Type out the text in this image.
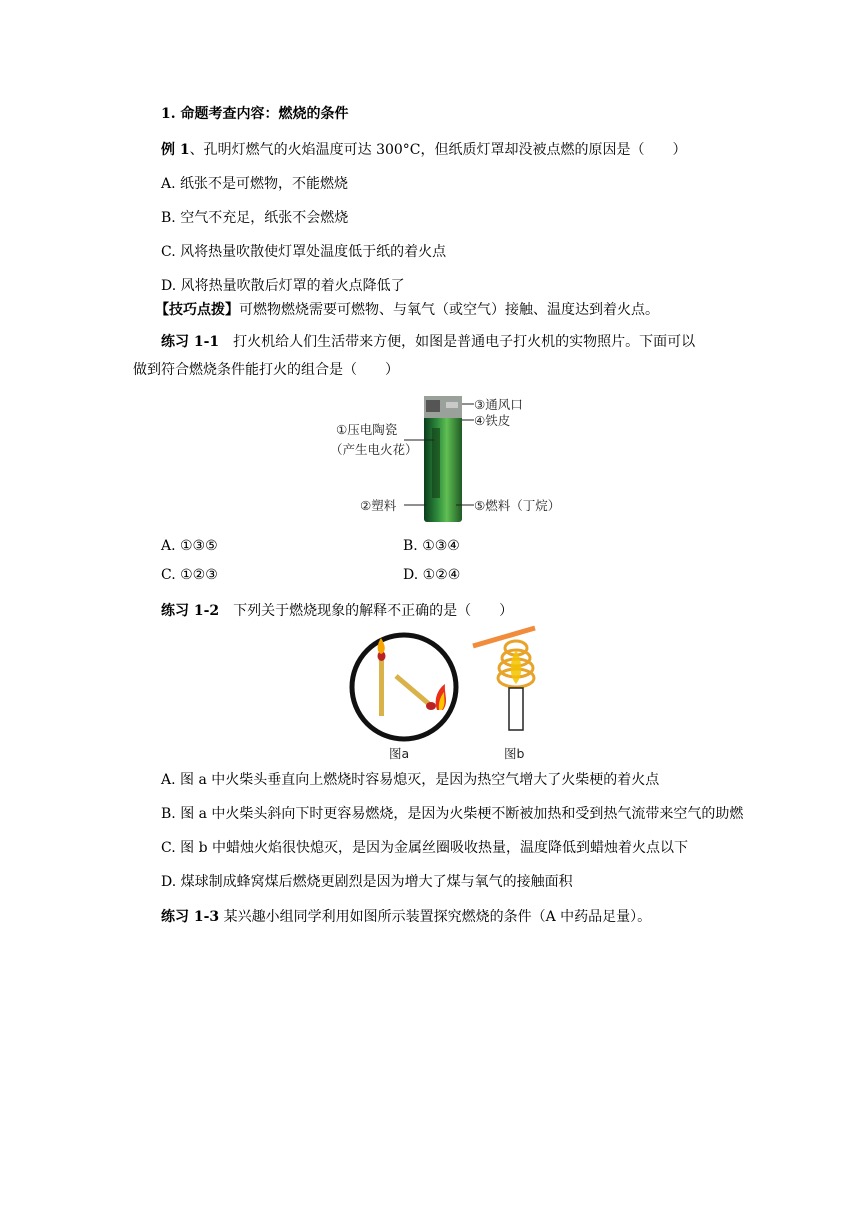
1. 命题考查内容：燃烧的条件
例 1、孔明灯燃气的火焰温度可达 300°C，但纸质灯罩却没被点燃的原因是（　　）
A. 纸张不是可燃物，不能燃烧
B. 空气不充足，纸张不会燃烧
C. 风将热量吹散使灯罩处温度低于纸的着火点
D. 风将热量吹散后灯罩的着火点降低了
【技巧点拨】可燃物燃烧需要可燃物、与氧气（或空气）接触、温度达到着火点。
练习 1-1　打火机给人们生活带来方便，如图是普通电子打火机的实物照片。下面可以
做到符合燃烧条件能打火的组合是（　　）
③通风口
④铁皮
①压电陶瓷
（产生电火花）
②塑料	⑤燃料（丁烷）
A. ①③⑤	B. ①③④
C. ①②③	D. ①②④
练习 1-2　下列关于燃烧现象的解释不正确的是（　　）
图a	图b
A. 图 a 中火柴头垂直向上燃烧时容易熄灭，是因为热空气增大了火柴梗的着火点
B. 图 a 中火柴头斜向下时更容易燃烧，是因为火柴梗不断被加热和受到热气流带来空气的助燃
C. 图 b 中蜡烛火焰很快熄灭，是因为金属丝圈吸收热量，温度降低到蜡烛着火点以下
D. 煤球制成蜂窝煤后燃烧更剧烈是因为增大了煤与氧气的接触面积
练习 1-3 某兴趣小组同学利用如图所示装置探究燃烧的条件（A 中药品足量）。
